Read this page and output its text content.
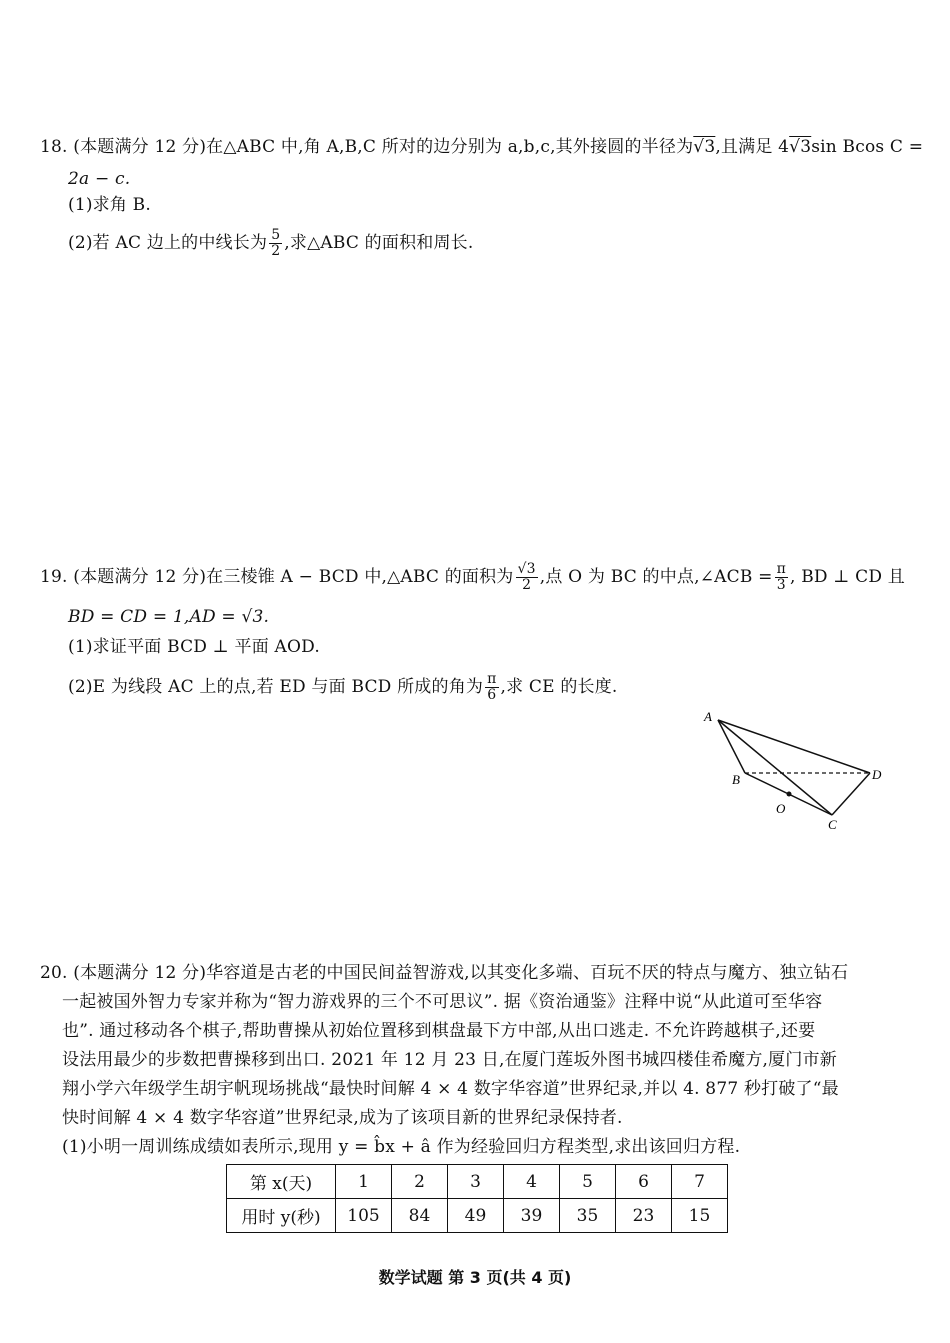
18. (本题满分 12 分)在△ABC 中,角 A,B,C 所对的边分别为 a,b,c,其外接圆的半径为√3,且满足 4√3sin Bcos C =
2a − c.
(1)求角 B.
(2)若 AC 边上的中线长为 $\frac{5}{2}$ ,求△ABC 的面积和周长.
19. (本题满分 12 分)在三棱锥 A − BCD 中,△ABC 的面积为 $\frac{√3}{2}$ ,点 O 为 BC 的中点,∠ACB = $\frac{\pi}{3}$ , BD ⊥ CD 且
BD = CD = 1,AD = √3.
(1)求证平面 BCD ⊥ 平面 AOD.
(2)E 为线段 AC 上的点,若 ED 与面 BCD 所成的角为 $\frac{\pi}{6}$ ,求 CE 的长度.
A
B	D
C
O
20. (本题满分 12 分)华容道是古老的中国民间益智游戏,以其变化多端、百玩不厌的特点与魔方、独立钻石
一起被国外智力专家并称为“智力游戏界的三个不可思议”. 据《资治通鉴》注释中说“从此道可至华容
也”. 通过移动各个棋子,帮助曹操从初始位置移到棋盘最下方中部,从出口逃走. 不允许跨越棋子,还要
设法用最少的步数把曹操移到出口. 2021 年 12 月 23 日,在厦门莲坂外图书城四楼佳希魔方,厦门市新
翔小学六年级学生胡宇帆现场挑战“最快时间解 4 × 4 数字华容道”世界纪录,并以 4. 877 秒打破了“最
快时间解 4 × 4 数字华容道”世界纪录,成为了该项目新的世界纪录保持者.
(1)小明一周训练成绩如表所示,现用 y = b̂x + â 作为经验回归方程类型,求出该回归方程.
第 x(天)	1	2	3	4	5	6	7
用时 y(秒)	105	84	49	39	35	23	15
数学试题 第 3 页(共 4 页)
